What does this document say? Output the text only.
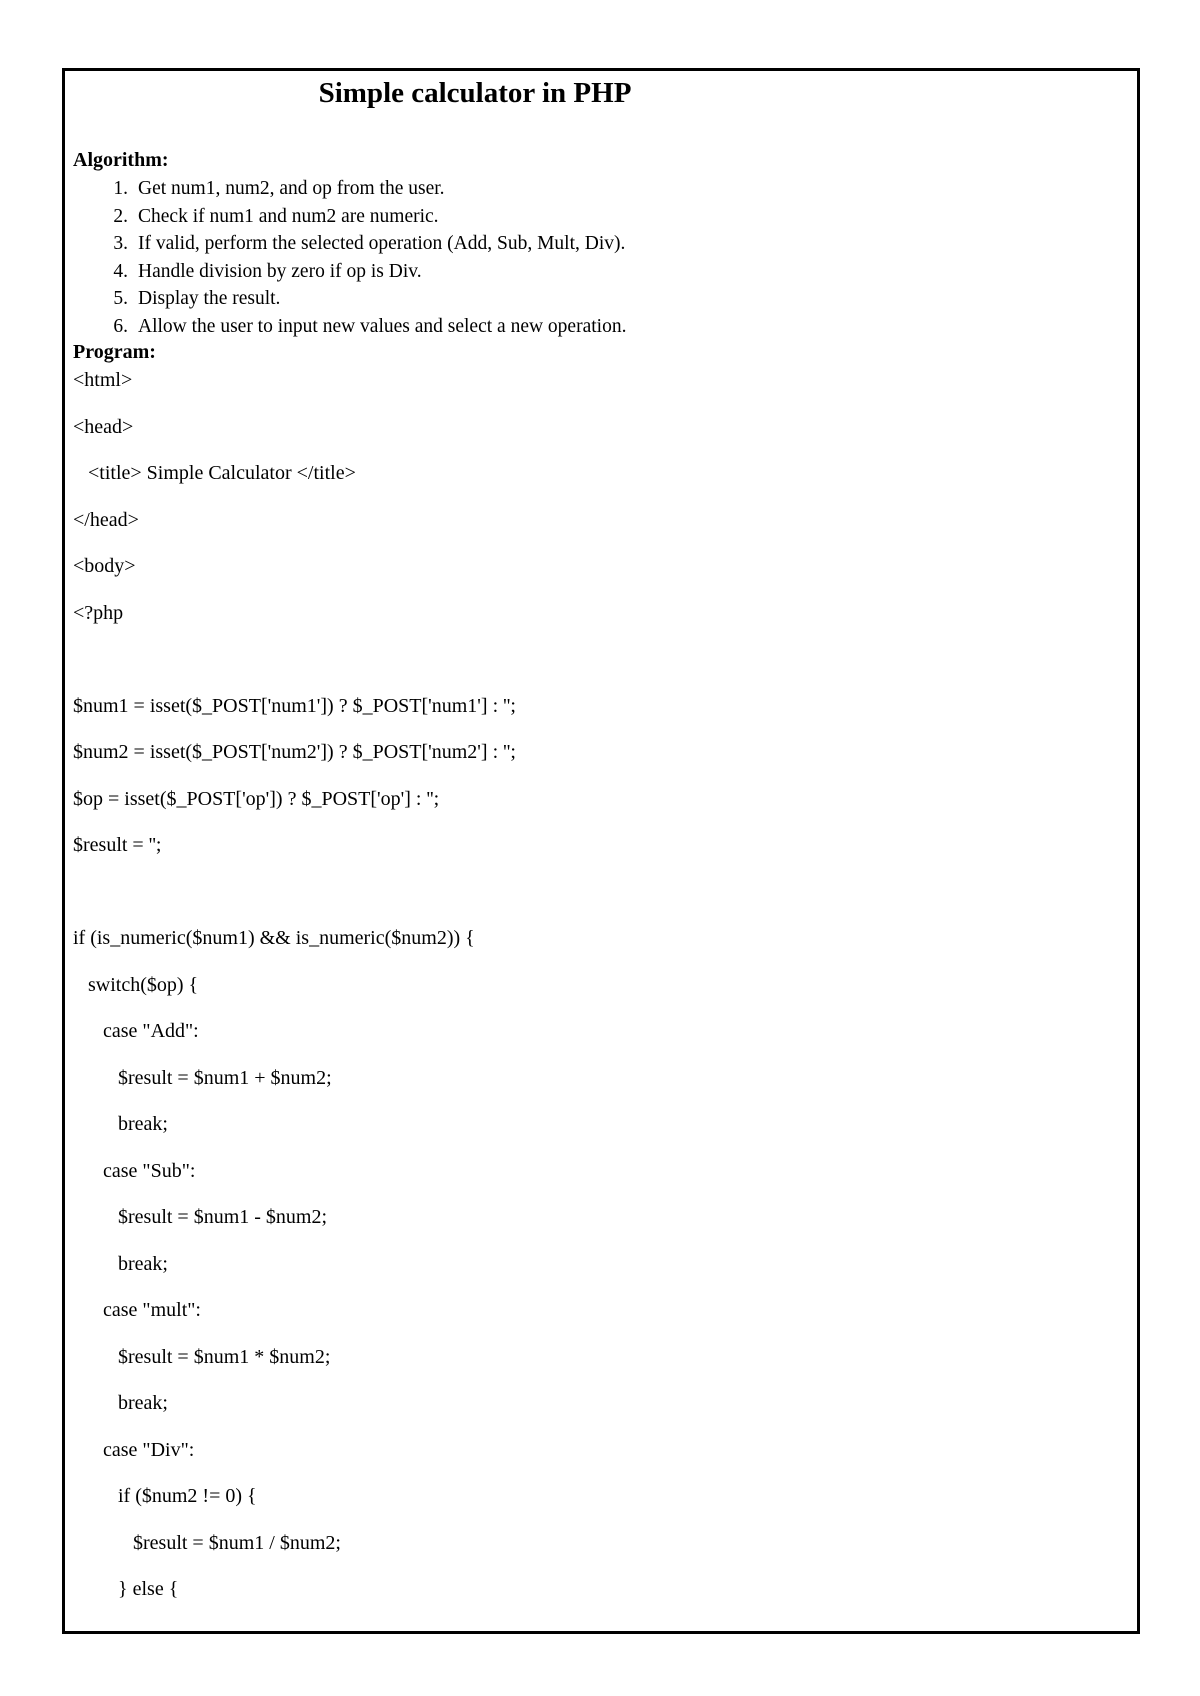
Simple calculator in PHP
Algorithm:
1. Get num1, num2, and op from the user.
2. Check if num1 and num2 are numeric.
3. If valid, perform the selected operation (Add, Sub, Mult, Div).
4. Handle division by zero if op is Div.
5. Display the result.
6. Allow the user to input new values and select a new operation.
Program:
<html>
<head>
<title> Simple Calculator </title>
</head>
<body>
<?php
$num1 = isset($_POST['num1']) ? $_POST['num1'] : '';
$num2 = isset($_POST['num2']) ? $_POST['num2'] : '';
$op = isset($_POST['op']) ? $_POST['op'] : '';
$result = '';
if (is_numeric($num1) && is_numeric($num2)) {
switch($op) {
case "Add":
$result = $num1 + $num2;
break;
case "Sub":
$result = $num1 - $num2;
break;
case "mult":
$result = $num1 * $num2;
break;
case "Div":
if ($num2 != 0) {
$result = $num1 / $num2;
} else {
